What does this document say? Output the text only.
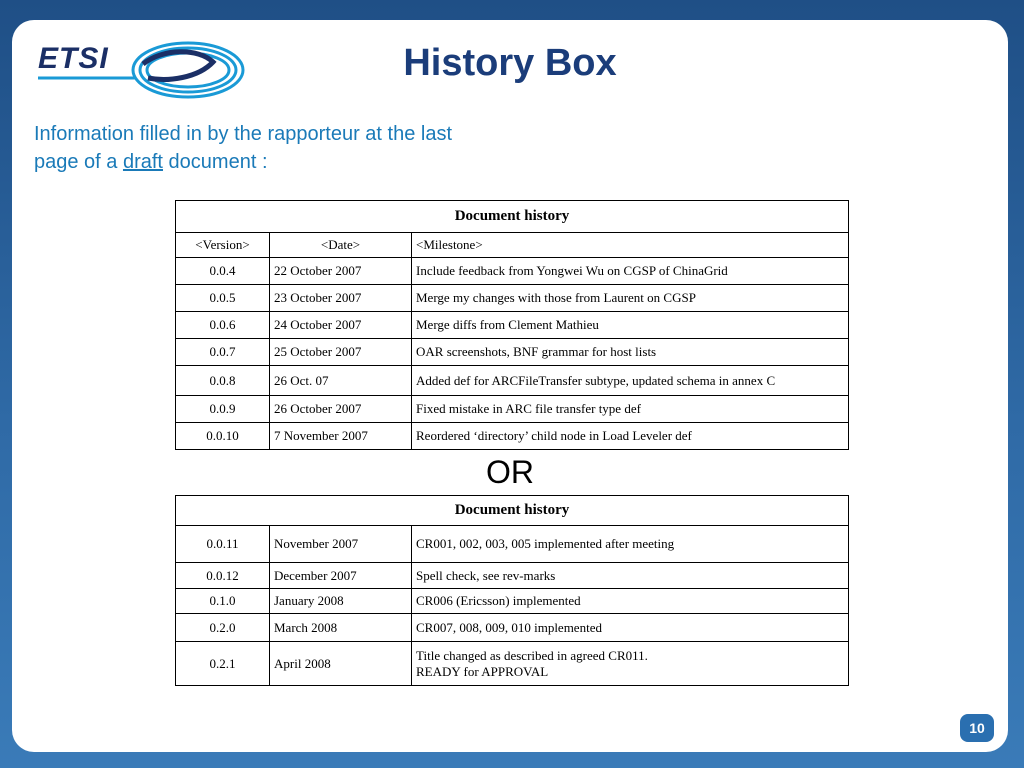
ETSI	History Box
Information filled in by the rapporteur at the last
page of a draft document :
Document history		
<Version>	<Date>	<Milestone>
0.0.4	22 October 2007	Include feedback from Yongwei Wu on CGSP of ChinaGrid
0.0.5	23 October 2007	Merge my changes with those from Laurent on CGSP
0.0.6	24 October 2007	Merge diffs from Clement Mathieu
0.0.7	25 October 2007	OAR screenshots, BNF grammar for host lists
0.0.8	26 Oct. 07	Added def for ARCFileTransfer subtype, updated schema in annex C
0.0.9	26 October 2007	Fixed mistake in ARC file transfer type def
0.0.10	7 November 2007	Reordered ‘directory’ child node in Load Leveler def
OR
Document history		
0.0.11	November 2007	CR001, 002, 003, 005 implemented after meeting
0.0.12	December 2007	Spell check, see rev-marks
0.1.0	January 2008	CR006 (Ericsson) implemented
0.2.0	March 2008	CR007, 008, 009, 010 implemented
0.2.1	April 2008	Title changed as described in agreed CR011.
READY for APPROVAL
10
